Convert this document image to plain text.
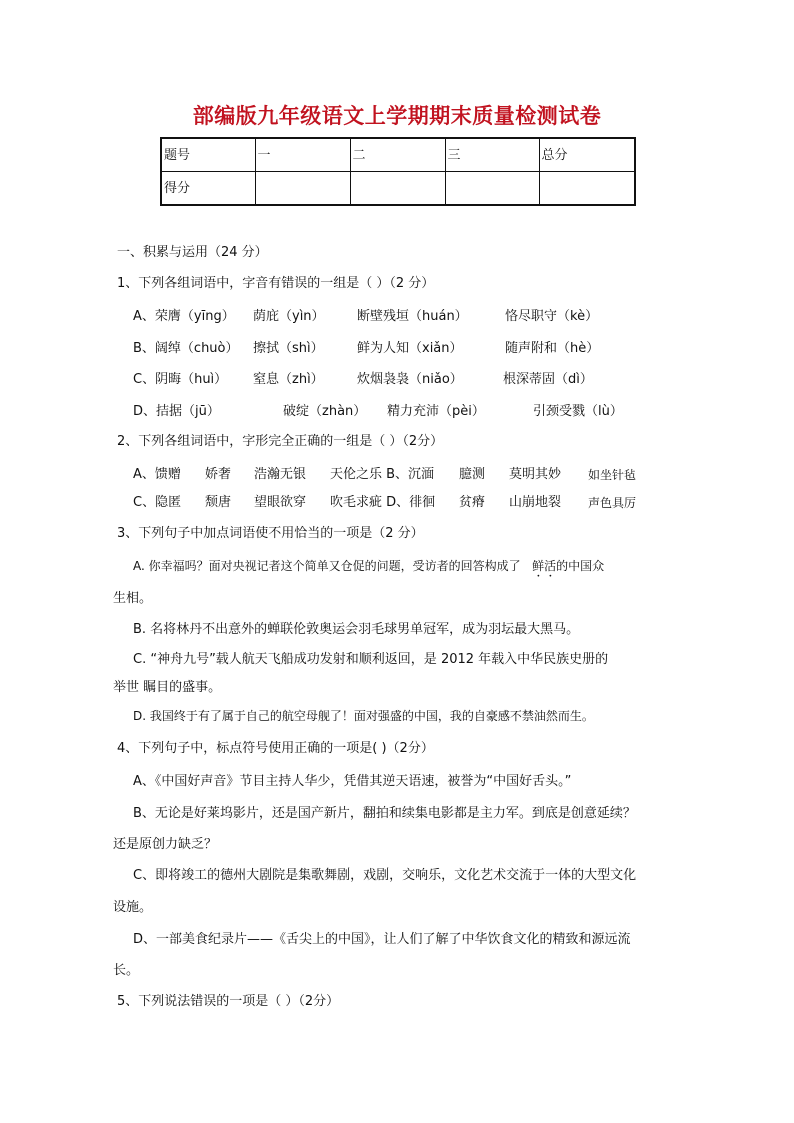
部编版九年级语文上学期期末质量检测试卷
题号	一	二	三	总分
得分				
一、积累与运用（24 分）
1、下列各组词语中，字音有错误的一组是（ ）（2 分）
A、荣膺（yīng） 荫庇（yìn） 断壁残垣（huán）	恪尽职守（kè）
B、阔绰（chuò） 擦拭（shì）	鲜为人知（xiǎn）	随声附和（hè）
C、阴晦（huì） 窒息（zhì）	炊烟袅袅（niǎo）	根深蒂固（dì）
D、拮据（jū）	破绽（zhàn） 精力充沛（pèi）	引颈受戮（lù）
2、下列各组词语中，字形完全正确的一组是（ ）（2分）
A、馈赠 娇奢 浩瀚无银 天伦之乐 B、沉湎 臆测 莫明其妙 如坐针毡
C、隐匿 颓唐 望眼欲穿 吹毛求疵 D、徘徊 贫瘠 山崩地裂 声色具厉
3、下列句子中加点词语使不用恰当的一项是（2 分）
A. 你幸福吗？面对央视记者这个简单又仓促的问题，受访者的回答构成了 鲜活的中国众
生相。
B. 名将林丹不出意外的蝉联伦敦奥运会羽毛球男单冠军，成为羽坛最大黑马。
C. “神舟九号”载人航天飞船成功发射和顺利返回，是 2012 年载入中华民族史册的
举世 瞩目的盛事。
D. 我国终于有了属于自己的航空母舰了！面对强盛的中国，我的自豪感不禁油然而生。
4、下列句子中，标点符号使用正确的一项是( )（2分）
A、《中国好声音》节目主持人华少，凭借其逆天语速，被誉为“中国好舌头。”
B、无论是好莱坞影片，还是国产新片，翻拍和续集电影都是主力军。到底是创意延续？
还是原创力缺乏？
C、即将竣工的德州大剧院是集歌舞剧，戏剧，交响乐，文化艺术交流于一体的大型文化
设施。
D、一部美食纪录片——《舌尖上的中国》，让人们了解了中华饮食文化的精致和源远流
长。
5、下列说法错误的一项是（ ）（2分）
